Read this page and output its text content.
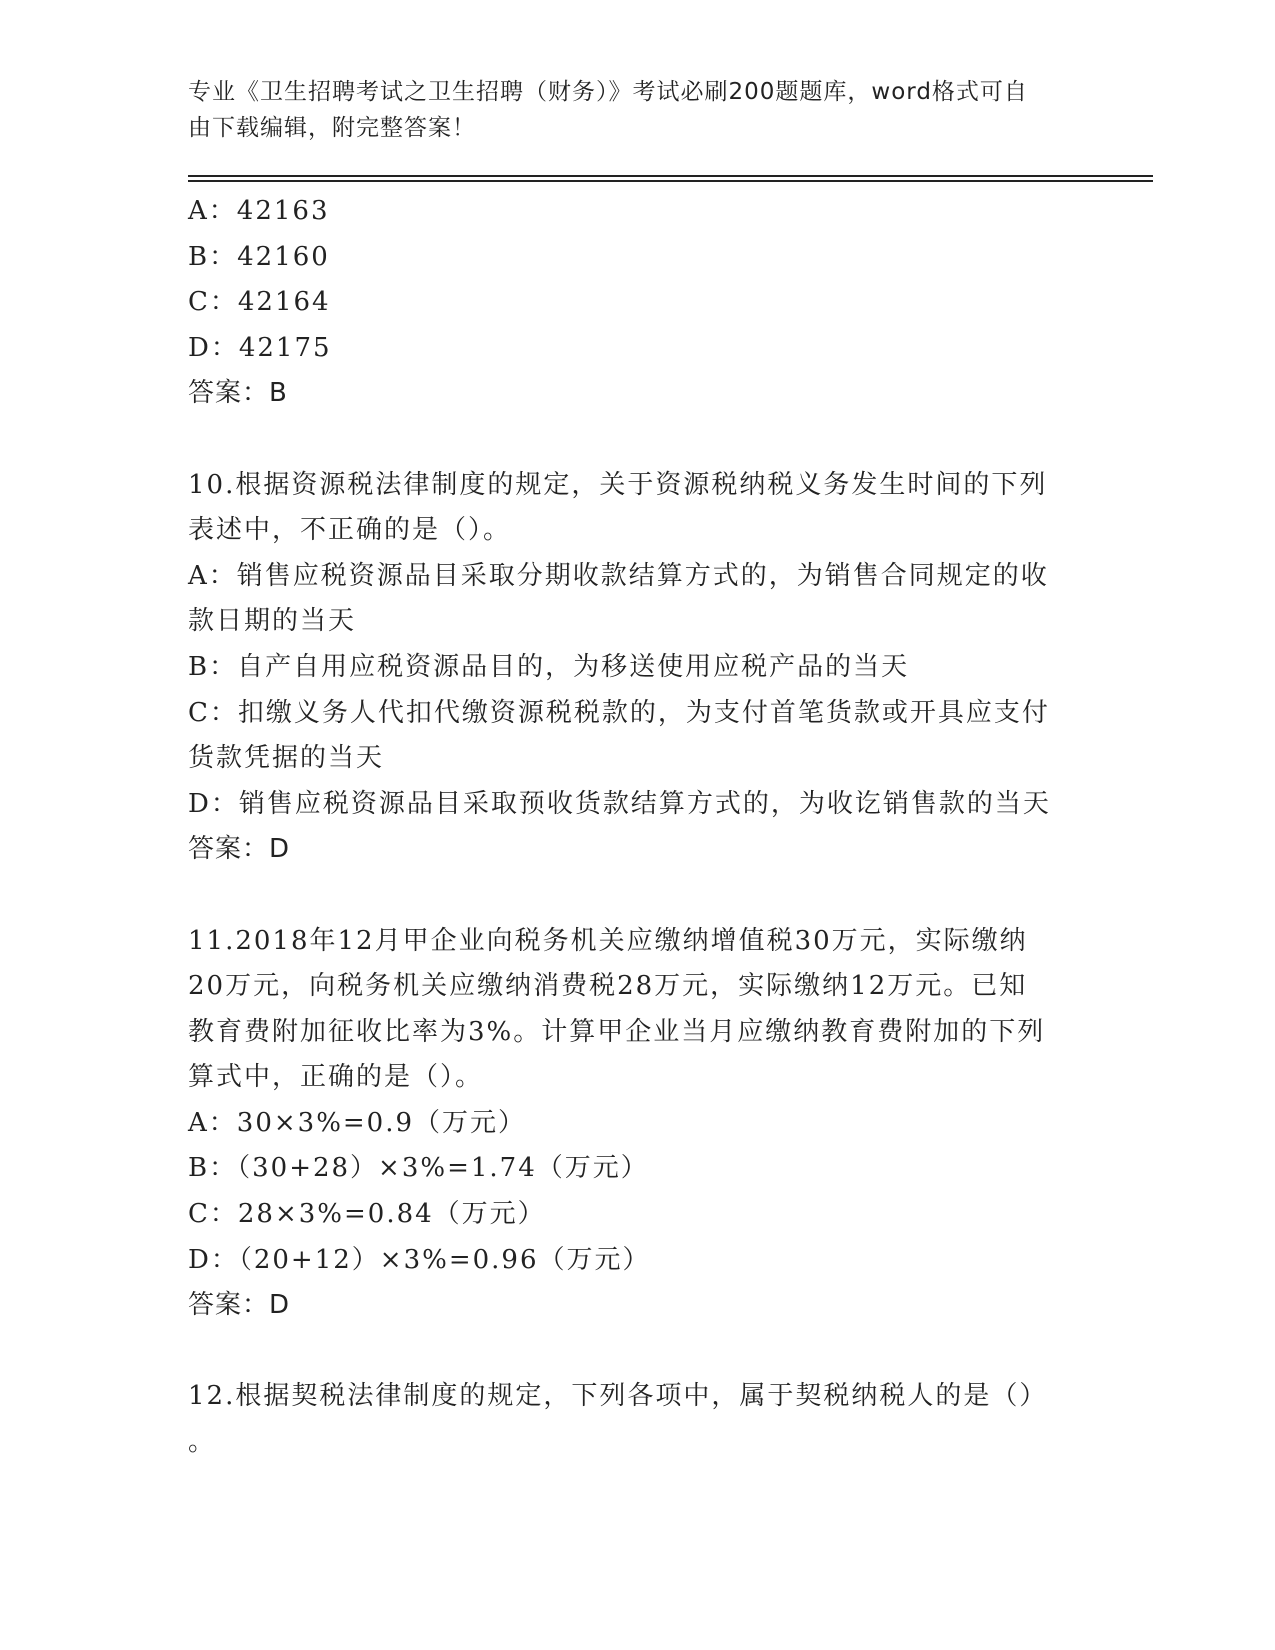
专业《卫生招聘考试之卫生招聘（财务）》考试必刷200题题库，word格式可自
由下载编辑，附完整答案！
A：42163
B：42160
C：42164
D：42175
答案：B
10.根据资源税法律制度的规定，关于资源税纳税义务发生时间的下列
表述中，不正确的是（）。
A：销售应税资源品目采取分期收款结算方式的，为销售合同规定的收
款日期的当天
B：自产自用应税资源品目的，为移送使用应税产品的当天
C：扣缴义务人代扣代缴资源税税款的，为支付首笔货款或开具应支付
货款凭据的当天
D：销售应税资源品目采取预收货款结算方式的，为收讫销售款的当天
答案：D
11.2018年12月甲企业向税务机关应缴纳增值税30万元，实际缴纳
20万元，向税务机关应缴纳消费税28万元，实际缴纳12万元。已知
教育费附加征收比率为3%。计算甲企业当月应缴纳教育费附加的下列
算式中，正确的是（）。
A：30×3%=0.9（万元）
B：（30+28）×3%=1.74（万元）
C：28×3%=0.84（万元）
D：（20+12）×3%=0.96（万元）
答案：D
12.根据契税法律制度的规定，下列各项中，属于契税纳税人的是（）
。
